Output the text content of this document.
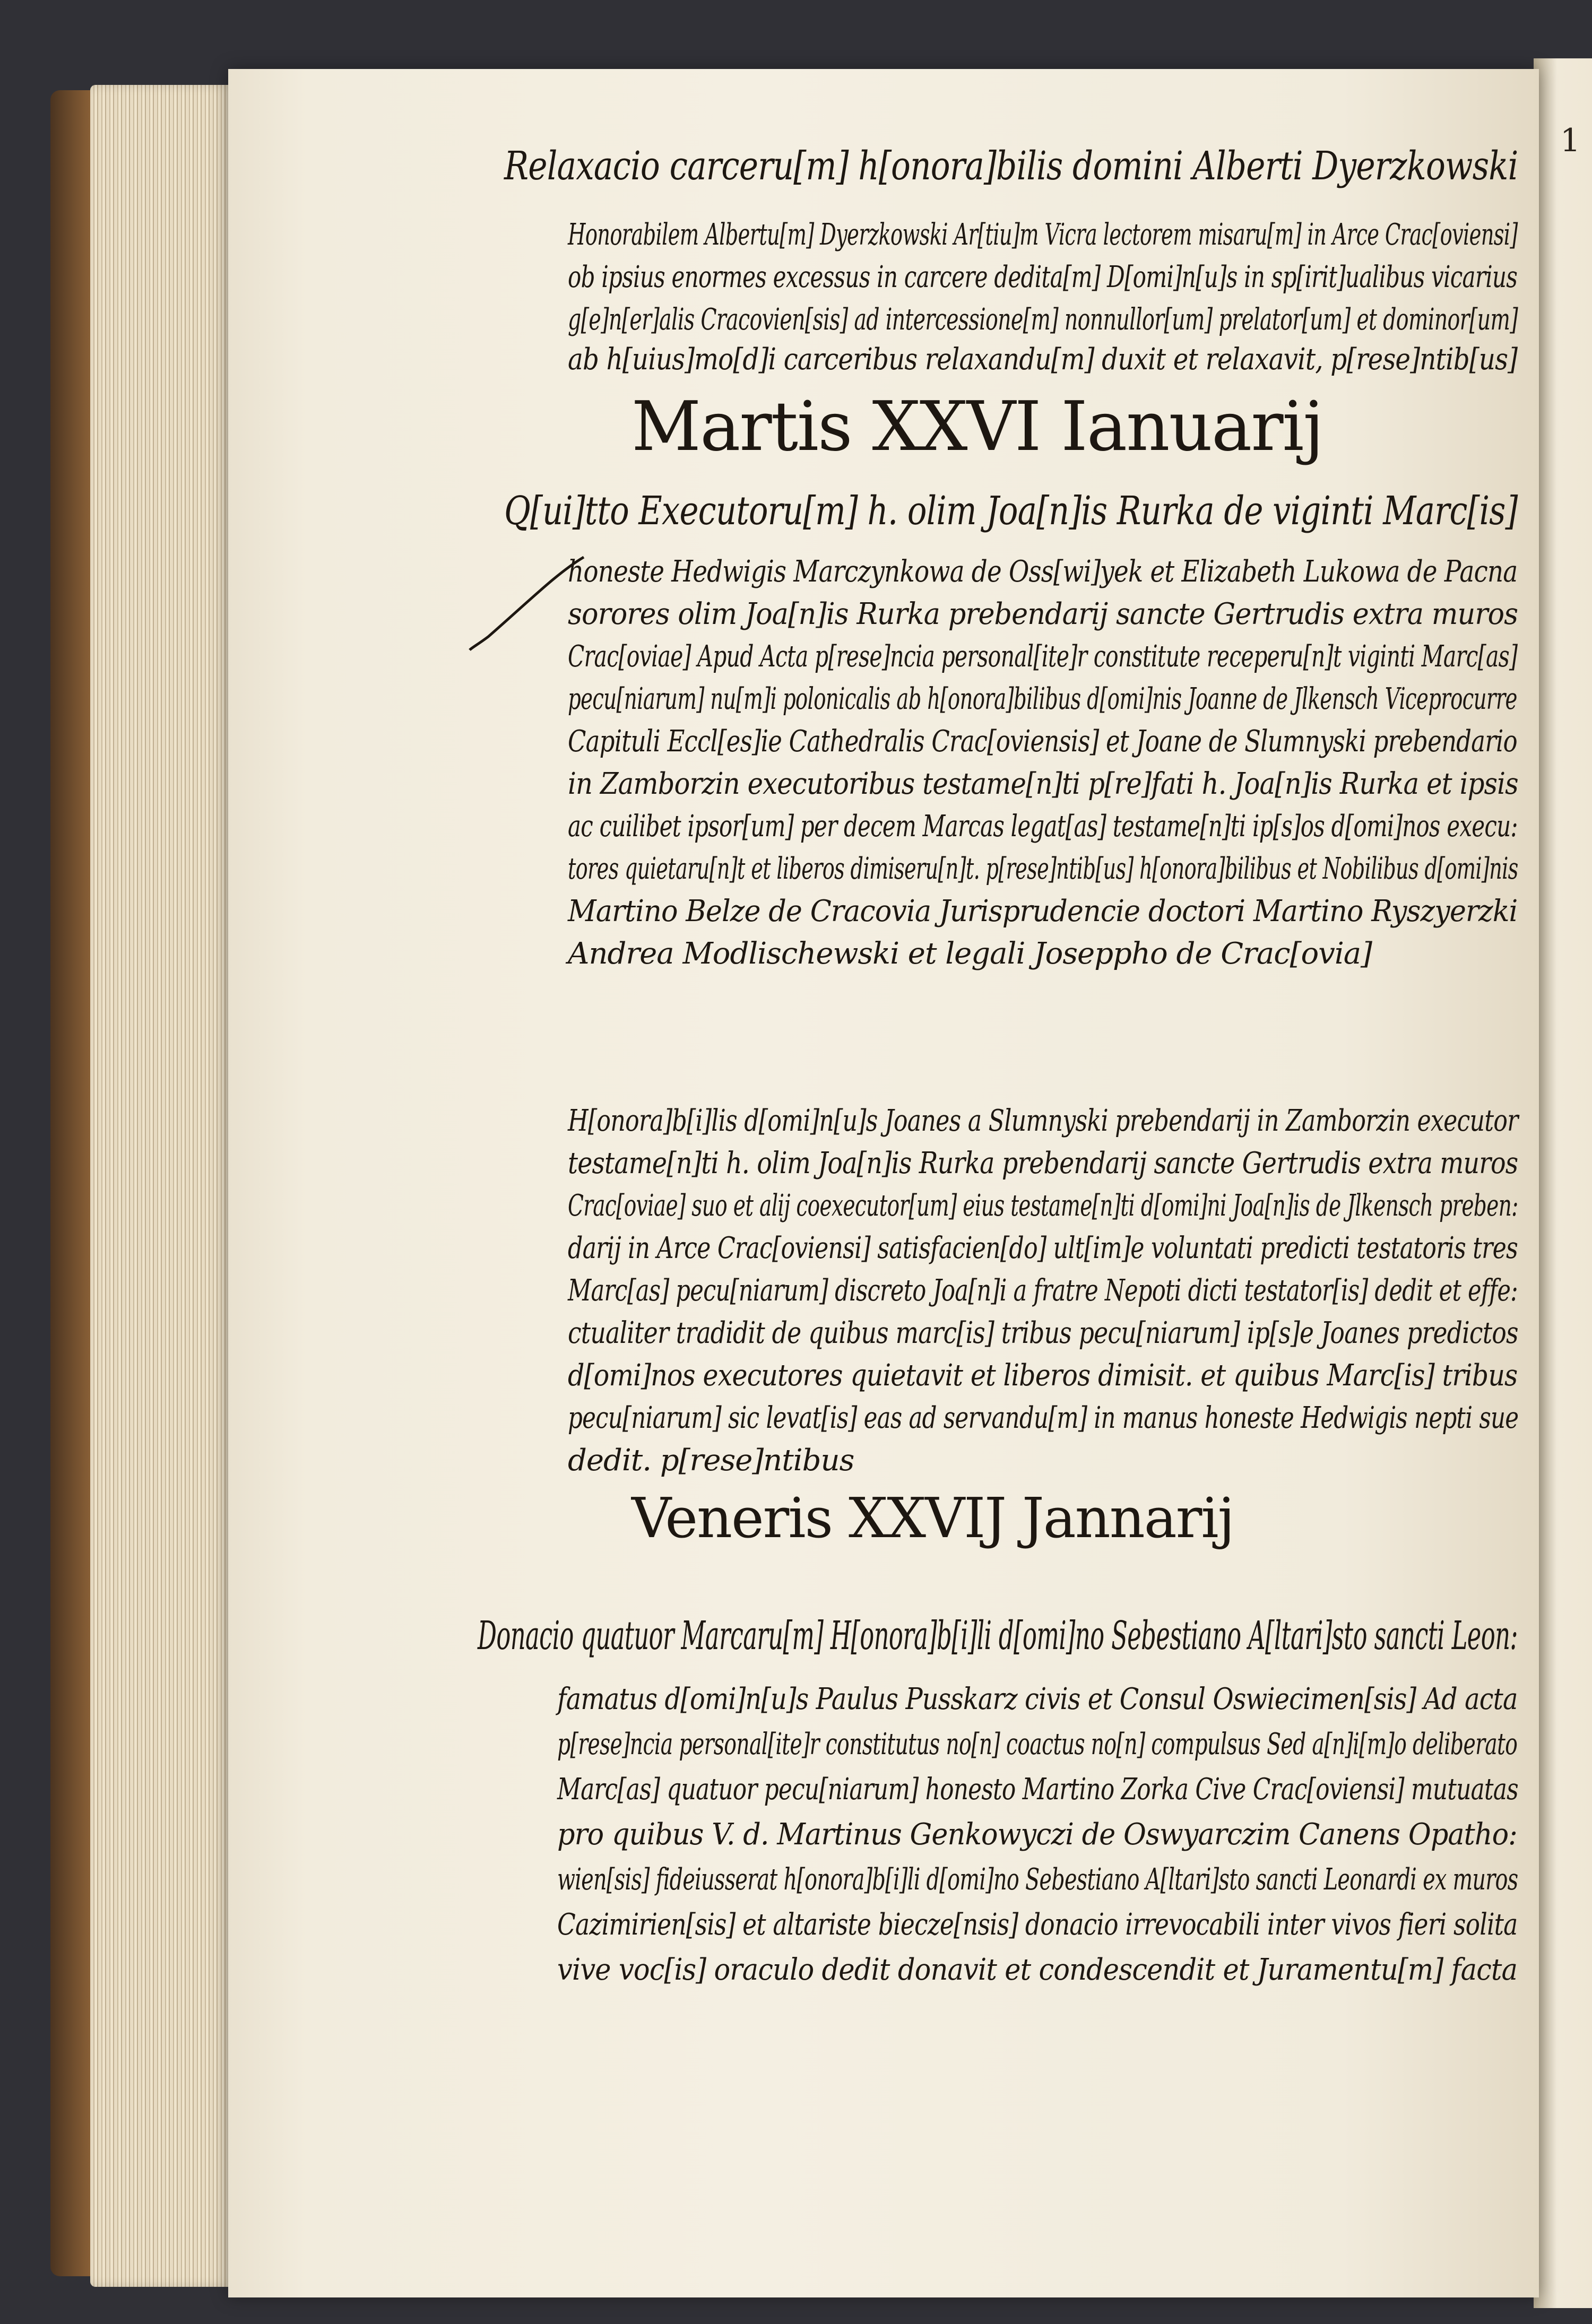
1

Relaxacio carceru[m] h[onora]bilis domini Alberti Dyerzkowski

Honorabilem Albertu[m] Dyerzkowski Ar[tiu]m Vicra lectorem misaru[m] in Arce Crac[oviensi]

ob ipsius enormes excessus in carcere dedita[m] D[omi]n[u]s in sp[irit]ualibus vicarius

g[e]n[er]alis Cracovien[sis] ad intercessione[m] nonnullor[um] prelator[um] et dominor[um]

ab h[uius]mo[d]i carceribus relaxandu[m] duxit et relaxavit, p[rese]ntib[us]

Martis XXVI Ianuarij

Q[ui]tto Executoru[m] h. olim Joa[n]is Rurka de viginti Marc[is]

honeste Hedwigis Marczynkowa de Oss[wi]yek et Elizabeth Lukowa de Pacna

sorores olim Joa[n]is Rurka prebendarij sancte Gertrudis extra muros

Crac[oviae] Apud Acta p[rese]ncia personal[ite]r constitute receperu[n]t viginti Marc[as]

pecu[niarum] nu[m]i polonicalis ab h[onora]bilibus d[omi]nis Joanne de Jlkensch Viceprocurre

Capituli Eccl[es]ie Cathedralis Crac[oviensis] et Joane de Slumnyski prebendario

in Zamborzin executoribus testame[n]ti p[re]fati h. Joa[n]is Rurka et ipsis

ac cuilibet ipsor[um] per decem Marcas legat[as] testame[n]ti ip[s]os d[omi]nos execu:

tores quietaru[n]t et liberos dimiseru[n]t. p[rese]ntib[us] h[onora]bilibus et Nobilibus d[omi]nis

Martino Belze de Cracovia Jurisprudencie doctori Martino Ryszyerzki

Andrea Modlischewski et legali Joseppho de Crac[ovia]

H[onora]b[i]lis d[omi]n[u]s Joanes a Slumnyski prebendarij in Zamborzin executor

testame[n]ti h. olim Joa[n]is Rurka prebendarij sancte Gertrudis extra muros

Crac[oviae] suo et alij coexecutor[um] eius testame[n]ti d[omi]ni Joa[n]is de Jlkensch preben:

darij in Arce Crac[oviensi] satisfacien[do] ult[im]e voluntati predicti testatoris tres

Marc[as] pecu[niarum] discreto Joa[n]i a fratre Nepoti dicti testator[is] dedit et effe:

ctualiter tradidit de quibus marc[is] tribus pecu[niarum] ip[s]e Joanes predictos

d[omi]nos executores quietavit et liberos dimisit. et quibus Marc[is] tribus

pecu[niarum] sic levat[is] eas ad servandu[m] in manus honeste Hedwigis nepti sue

dedit. p[rese]ntibus

Veneris XXVIJ Jannarij

Donacio quatuor Marcaru[m] H[onora]b[i]li d[omi]no Sebestiano A[ltari]sto sancti Leon:

famatus d[omi]n[u]s Paulus Pusskarz civis et Consul Oswiecimen[sis] Ad acta

p[rese]ncia personal[ite]r constitutus no[n] coactus no[n] compulsus Sed a[n]i[m]o deliberato

Marc[as] quatuor pecu[niarum] honesto Martino Zorka Cive Crac[oviensi] mutuatas

pro quibus V. d. Martinus Genkowyczi de Oswyarczim Canens Opatho:

wien[sis] fideiusserat h[onora]b[i]li d[omi]no Sebestiano A[ltari]sto sancti Leonardi ex muros

Cazimirien[sis] et altariste biecze[nsis] donacio irrevocabili inter vivos fieri solita

vive voc[is] oraculo dedit donavit et condescendit et Juramentu[m] facta
